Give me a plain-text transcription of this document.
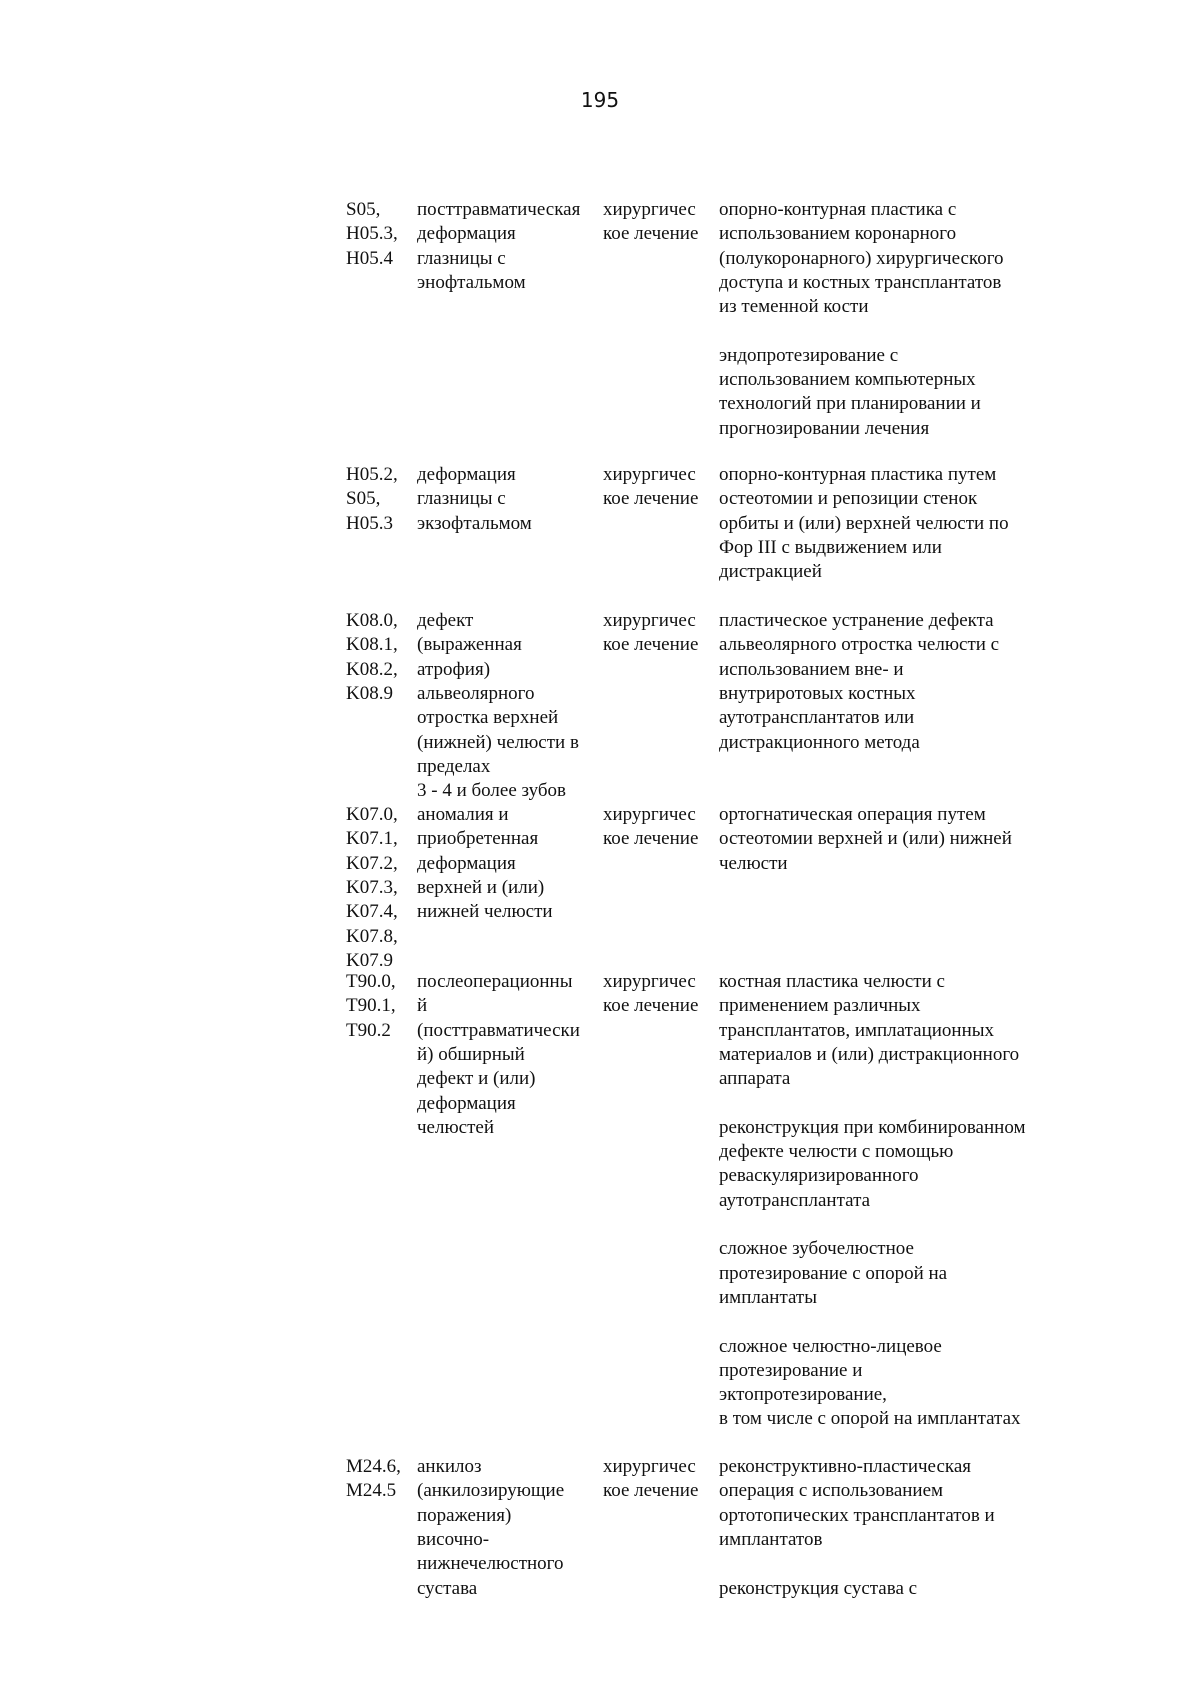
195
S05,
H05.3,
H05.4
посттравматическая
деформация
глазницы с
энофтальмом
хирургичес
кое лечение
опорно-контурная пластика с
использованием коронарного
(полукоронарного) хирургического
доступа и костных трансплантатов
из теменной кости
эндопротезирование с
использованием компьютерных
технологий при планировании и
прогнозировании лечения
H05.2,
S05,
H05.3
деформация
глазницы с
экзофтальмом
хирургичес
кое лечение
опорно-контурная пластика путем
остеотомии и репозиции стенок
орбиты и (или) верхней челюсти по
Фор III с выдвижением или
дистракцией
K08.0,
K08.1,
K08.2,
K08.9
дефект
(выраженная
атрофия)
альвеолярного
отростка верхней
(нижней) челюсти в
пределах
3 - 4 и более зубов
хирургичес
кое лечение
пластическое устранение дефекта
альвеолярного отростка челюсти с
использованием вне- и
внутриротовых костных
аутотрансплантатов или
дистракционного метода
K07.0,
K07.1,
K07.2,
K07.3,
K07.4,
K07.8,
K07.9
аномалия и
приобретенная
деформация
верхней и (или)
нижней челюсти
хирургичес
кое лечение
ортогнатическая операция путем
остеотомии верхней и (или) нижней
челюсти
T90.0,
T90.1,
T90.2
послеоперационны
й
(посттравматически
й) обширный
дефект и (или)
деформация
челюстей
хирургичес
кое лечение
костная пластика челюсти с
применением различных
трансплантатов, имплатационных
материалов и (или) дистракционного
аппарата
реконструкция при комбинированном
дефекте челюсти с помощью
реваскуляризированного
аутотрансплантата
сложное зубочелюстное
протезирование с опорой на
имплантаты
сложное челюстно-лицевое
протезирование и
эктопротезирование,
в том числе с опорой на имплантатах
M24.6,
M24.5
анкилоз
(анкилозирующие
поражения)
височно-
нижнечелюстного
сустава
хирургичес
кое лечение
реконструктивно-пластическая
операция с использованием
ортотопических трансплантатов и
имплантатов
реконструкция сустава с
